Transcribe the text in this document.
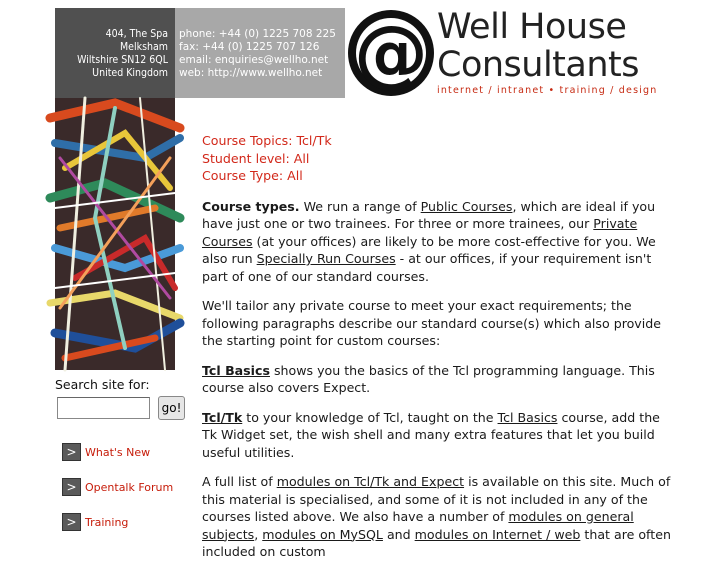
404, The Spa
Melksham
Wiltshire SN12 6QL
United Kingdom
phone: +44 (0) 1225 708 225
fax: +44 (0) 1225 707 126
email: enquiries@wellho.net
web: http://www.wellho.net @ Well House
Consultants
internet / intranet • training / design
Search site for:
go!
> What's New
> Opentalk Forum
> Training
Course Topics: Tcl/Tk
Student level: All
Course Type: All

Course types. We run a range of Public Courses, which are ideal if you have just one or two trainees. For three or more trainees, our Private Courses (at your offices) are likely to be more cost-effective for you. We also run Specially Run Courses - at our offices, if your requirement isn't part of one of our standard courses.

We'll tailor any private course to meet your exact requirements; the following paragraphs describe our standard course(s) which also provide the starting point for custom courses:

Tcl Basics shows you the basics of the Tcl programming language. This course also covers Expect.

Tcl/Tk to your knowledge of Tcl, taught on the Tcl Basics course, add the Tk Widget set, the wish shell and many extra features that let you build useful utilities.

A full list of modules on Tcl/Tk and Expect is available on this site. Much of this material is specialised, and some of it is not included in any of the courses listed above. We also have a number of modules on general subjects, modules on MySQL and modules on Internet / web that are often included on custom
